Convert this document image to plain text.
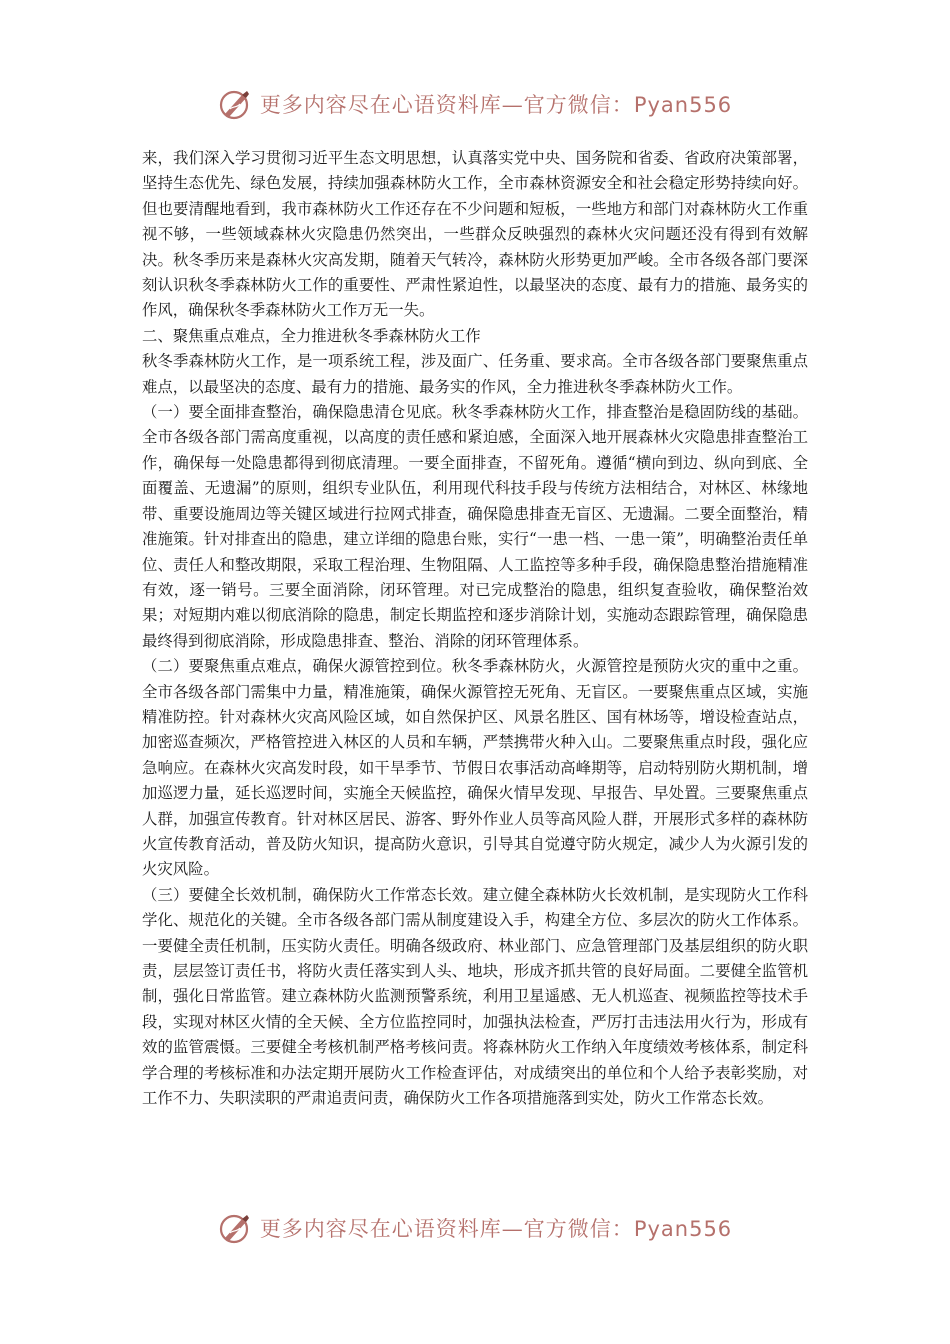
更多内容尽在心语资料库—官方微信：Pyan556

来，我们深入学习贯彻习近平生态文明思想，认真落实党中央、国务院和省委、省政府决策部署，坚持生态优先、绿色发展，持续加强森林防火工作，全市森林资源安全和社会稳定形势持续向好。但也要清醒地看到，我市森林防火工作还存在不少问题和短板，一些地方和部门对森林防火工作重视不够，一些领域森林火灾隐患仍然突出，一些群众反映强烈的森林火灾问题还没有得到有效解决。秋冬季历来是森林火灾高发期，随着天气转冷，森林防火形势更加严峻。全市各级各部门要深刻认识秋冬季森林防火工作的重要性、严肃性紧迫性，以最坚决的态度、最有力的措施、最务实的作风，确保秋冬季森林防火工作万无一失。

二、聚焦重点难点，全力推进秋冬季森林防火工作

秋冬季森林防火工作，是一项系统工程，涉及面广、任务重、要求高。全市各级各部门要聚焦重点难点，以最坚决的态度、最有力的措施、最务实的作风，全力推进秋冬季森林防火工作。

（一）要全面排查整治，确保隐患清仓见底。秋冬季森林防火工作，排查整治是稳固防线的基础。全市各级各部门需高度重视，以高度的责任感和紧迫感，全面深入地开展森林火灾隐患排查整治工作，确保每一处隐患都得到彻底清理。一要全面排查，不留死角。遵循“横向到边、纵向到底、全面覆盖、无遗漏”的原则，组织专业队伍，利用现代科技手段与传统方法相结合，对林区、林缘地带、重要设施周边等关键区域进行拉网式排查，确保隐患排查无盲区、无遗漏。二要全面整治，精准施策。针对排查出的隐患，建立详细的隐患台账，实行“一患一档、一患一策”，明确整治责任单位、责任人和整改期限，采取工程治理、生物阻隔、人工监控等多种手段，确保隐患整治措施精准有效，逐一销号。三要全面消除，闭环管理。对已完成整治的隐患，组织复查验收，确保整治效果；对短期内难以彻底消除的隐患，制定长期监控和逐步消除计划，实施动态跟踪管理，确保隐患最终得到彻底消除，形成隐患排查、整治、消除的闭环管理体系。

（二）要聚焦重点难点，确保火源管控到位。秋冬季森林防火，火源管控是预防火灾的重中之重。全市各级各部门需集中力量，精准施策，确保火源管控无死角、无盲区。一要聚焦重点区域，实施精准防控。针对森林火灾高风险区域，如自然保护区、风景名胜区、国有林场等，增设检查站点，加密巡查频次，严格管控进入林区的人员和车辆，严禁携带火种入山。二要聚焦重点时段，强化应急响应。在森林火灾高发时段，如干旱季节、节假日农事活动高峰期等，启动特别防火期机制，增加巡逻力量，延长巡逻时间，实施全天候监控，确保火情早发现、早报告、早处置。三要聚焦重点人群，加强宣传教育。针对林区居民、游客、野外作业人员等高风险人群，开展形式多样的森林防火宣传教育活动，普及防火知识，提高防火意识，引导其自觉遵守防火规定，减少人为火源引发的火灾风险。

（三）要健全长效机制，确保防火工作常态长效。建立健全森林防火长效机制，是实现防火工作科学化、规范化的关键。全市各级各部门需从制度建设入手，构建全方位、多层次的防火工作体系。一要健全责任机制，压实防火责任。明确各级政府、林业部门、应急管理部门及基层组织的防火职责，层层签订责任书，将防火责任落实到人头、地块，形成齐抓共管的良好局面。二要健全监管机制，强化日常监管。建立森林防火监测预警系统，利用卫星遥感、无人机巡查、视频监控等技术手段，实现对林区火情的全天候、全方位监控同时，加强执法检查，严厉打击违法用火行为，形成有效的监管震慑。三要健全考核机制严格考核问责。将森林防火工作纳入年度绩效考核体系，制定科学合理的考核标准和办法定期开展防火工作检查评估，对成绩突出的单位和个人给予表彰奖励，对工作不力、失职渎职的严肃追责问责，确保防火工作各项措施落到实处，防火工作常态长效。

更多内容尽在心语资料库—官方微信：Pyan556
